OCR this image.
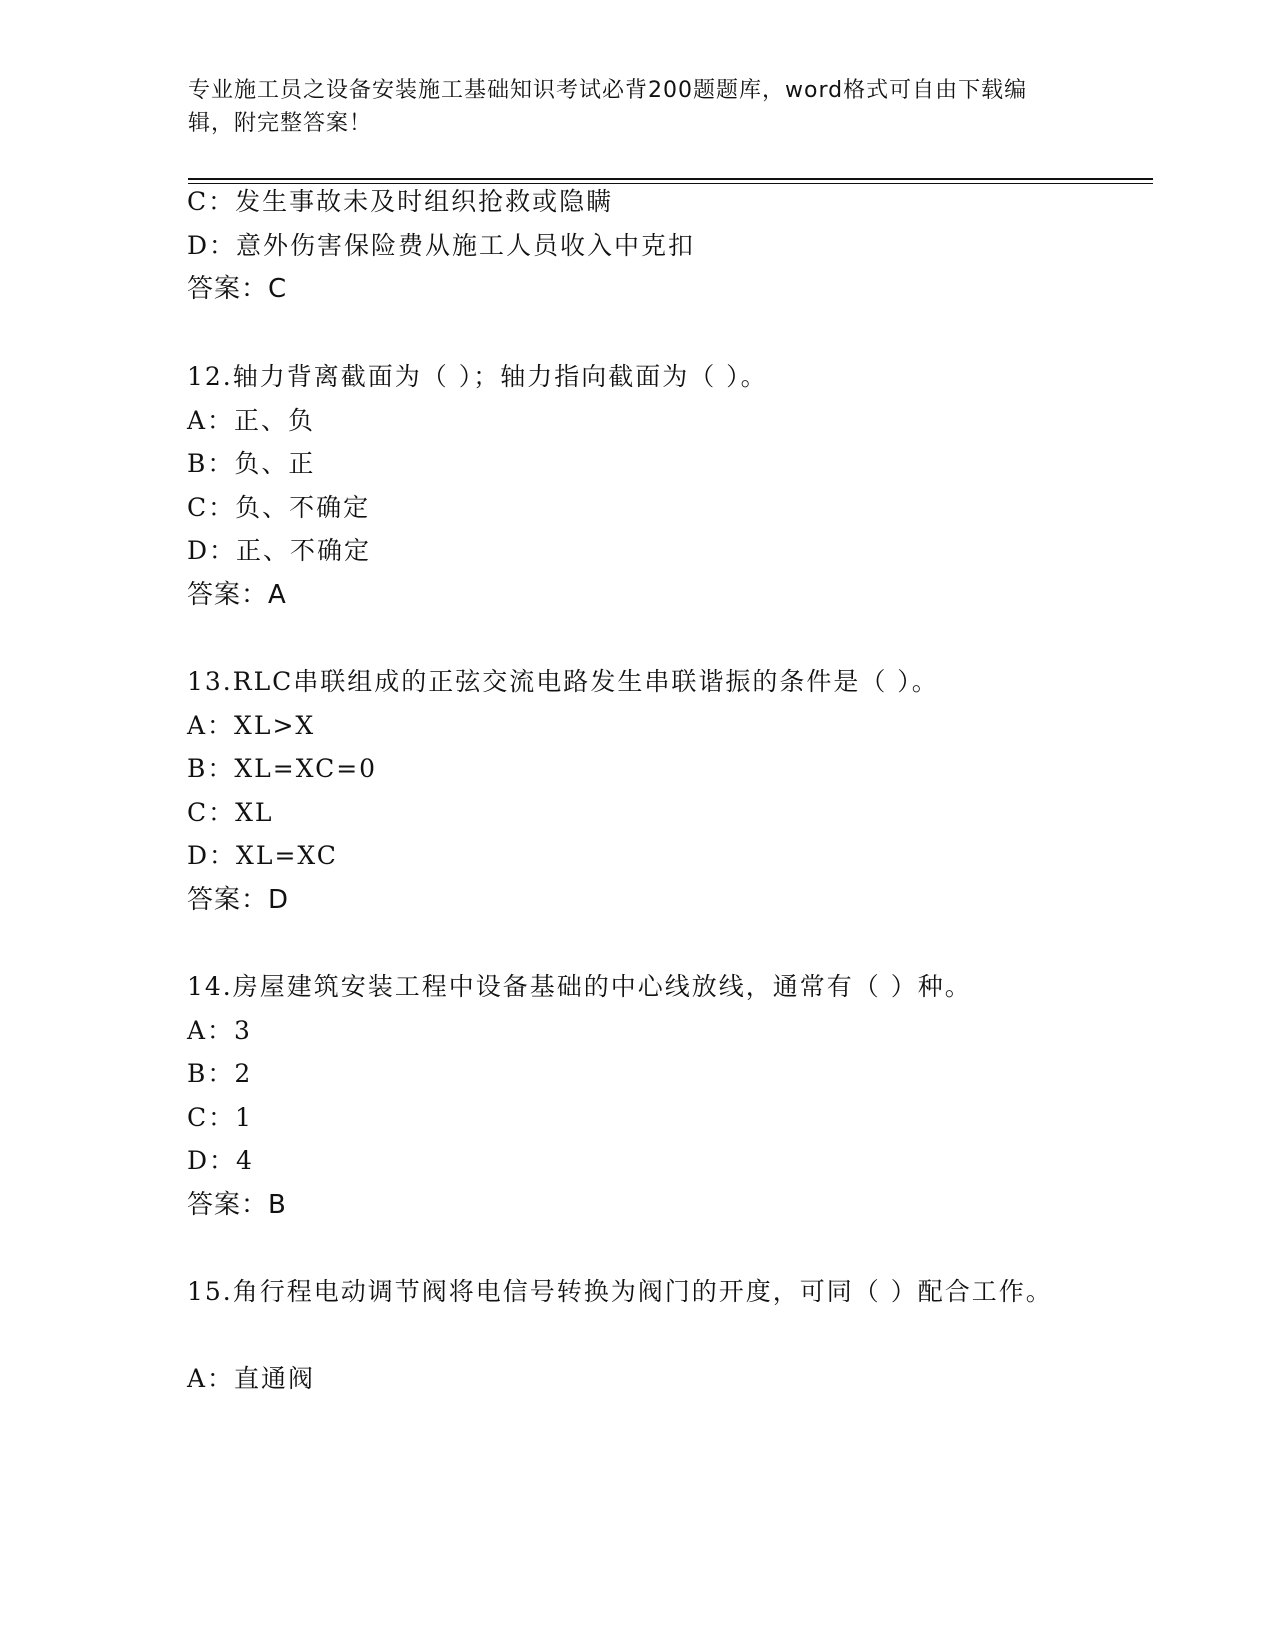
专业施工员之设备安装施工基础知识考试必背200题题库，word格式可自由下载编辑，附完整答案！
C：发生事故未及时组织抢救或隐瞒
D：意外伤害保险费从施工人员收入中克扣
答案：C
12.轴力背离截面为（ ）；轴力指向截面为（ ）。
A：正、负
B：负、正
C：负、不确定
D：正、不确定
答案：A
13.RLC串联组成的正弦交流电路发生串联谐振的条件是（ ）。
A：XL>X
B：XL=XC=0
C：XL
D：XL=XC
答案：D
14.房屋建筑安装工程中设备基础的中心线放线，通常有（ ）种。
A：3
B：2
C：1
D：4
答案：B
15.角行程电动调节阀将电信号转换为阀门的开度，可同（ ）配合工作。
A：直通阀
